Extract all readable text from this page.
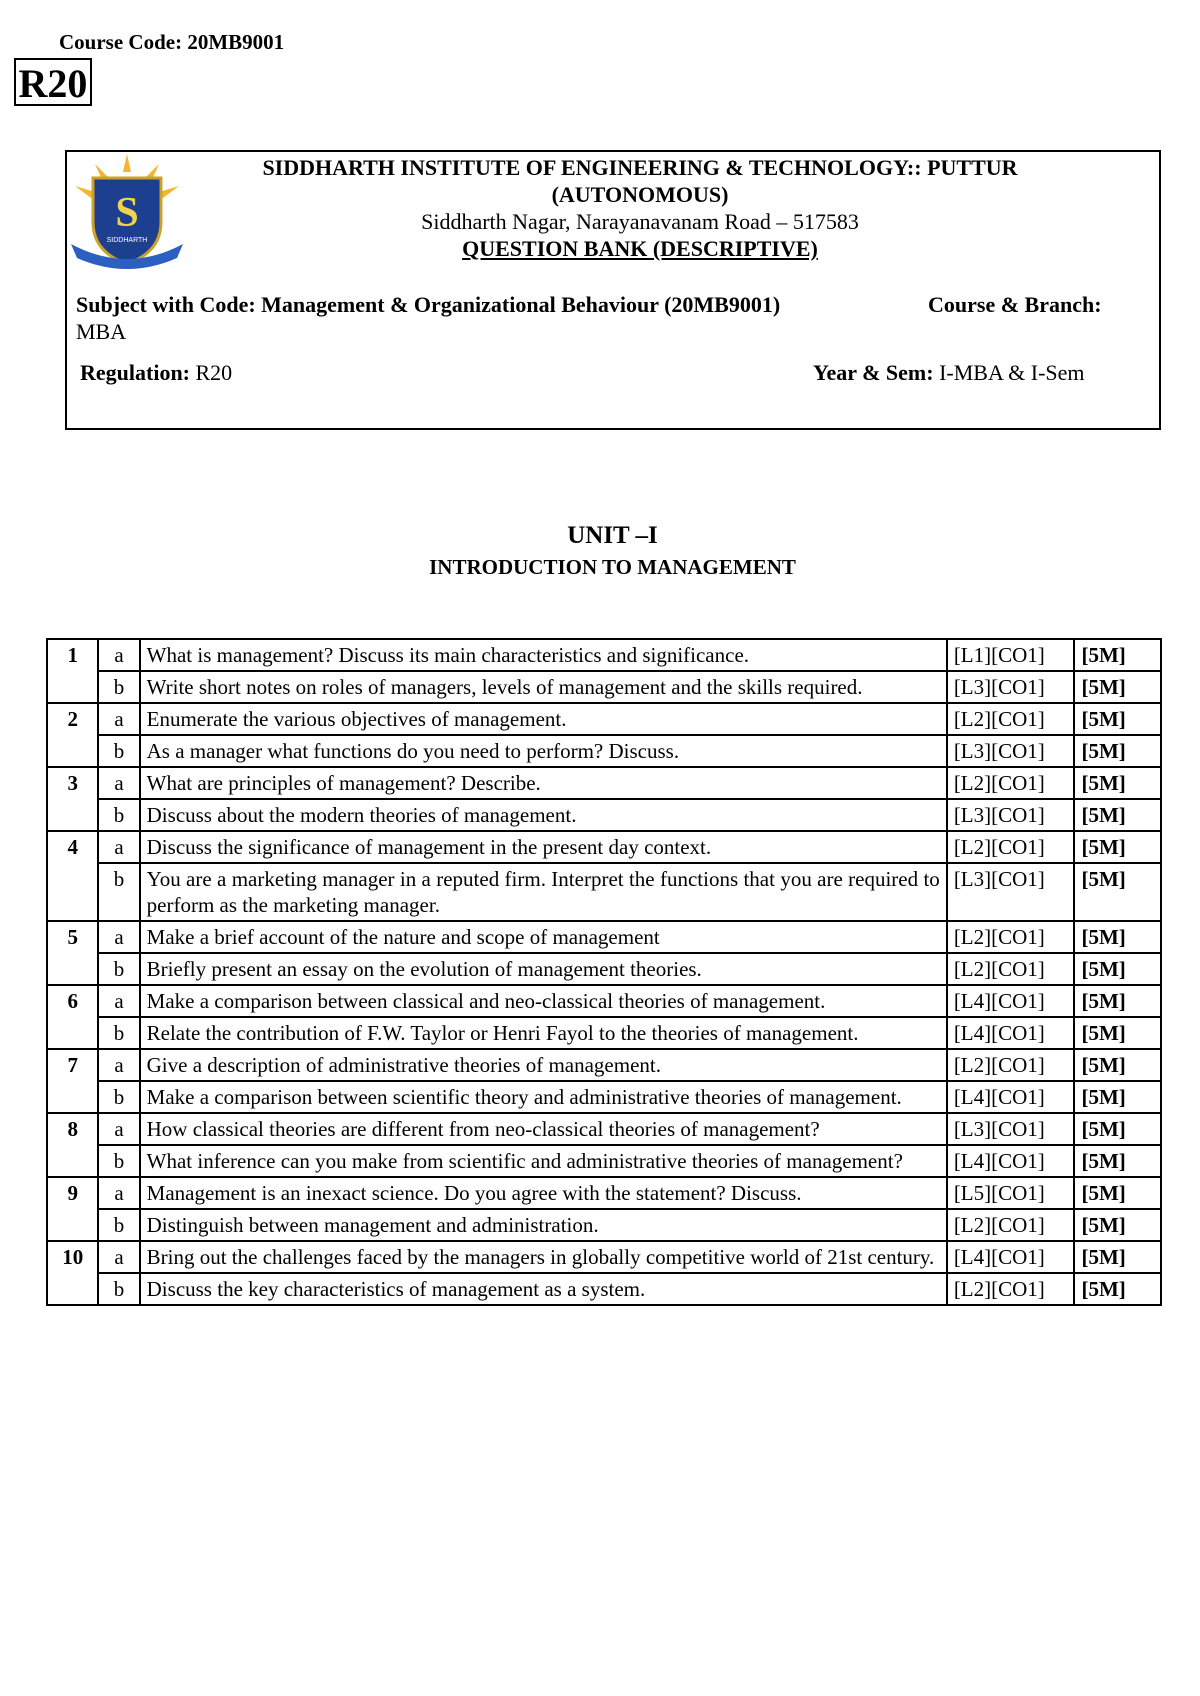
Course Code: 20MB9001
R20
S
SIDDHARTH
SIDDHARTH INSTITUTE OF ENGINEERING & TECHNOLOGY:: PUTTUR
(AUTONOMOUS)
Siddharth Nagar, Narayanavanam Road – 517583
QUESTION BANK (DESCRIPTIVE)
Subject with Code: Management & Organizational Behaviour (20MB9001)	Course & Branch:
MBA
Regulation: R20	Year & Sem: I-MBA & I-Sem
UNIT –I
INTRODUCTION TO MANAGEMENT
1	a	What is management? Discuss its main characteristics and significance.	[L1][CO1]	[5M]
	b	Write short notes on roles of managers, levels of management and the skills required.	[L3][CO1]	[5M]
2	a	Enumerate the various objectives of management.	[L2][CO1]	[5M]
	b	As a manager what functions do you need to perform? Discuss.	[L3][CO1]	[5M]
3	a	What are principles of management? Describe.	[L2][CO1]	[5M]
	b	Discuss about the modern theories of management.	[L3][CO1]	[5M]
4	a	Discuss the significance of management in the present day context.	[L2][CO1]	[5M]
	b	You are a marketing manager in a reputed firm. Interpret the functions that you are required to perform as the marketing manager.	[L3][CO1]	[5M]
5	a	Make a brief account of the nature and scope of management	[L2][CO1]	[5M]
	b	Briefly present an essay on the evolution of management theories.	[L2][CO1]	[5M]
6	a	Make a comparison between classical and neo-classical theories of management.	[L4][CO1]	[5M]
	b	Relate the contribution of F.W. Taylor or Henri Fayol to the theories of management.	[L4][CO1]	[5M]
7	a	Give a description of administrative theories of management.	[L2][CO1]	[5M]
	b	Make a comparison between scientific theory and administrative theories of management.	[L4][CO1]	[5M]
8	a	How classical theories are different from neo-classical theories of management?	[L3][CO1]	[5M]
	b	What inference can you make from scientific and administrative theories of management?	[L4][CO1]	[5M]
9	a	Management is an inexact science. Do you agree with the statement? Discuss.	[L5][CO1]	[5M]
	b	Distinguish between management and administration.	[L2][CO1]	[5M]
10	a	Bring out the challenges faced by the managers in globally competitive world of 21st century.	[L4][CO1]	[5M]
	b	Discuss the key characteristics of management as a system.	[L2][CO1]	[5M]
